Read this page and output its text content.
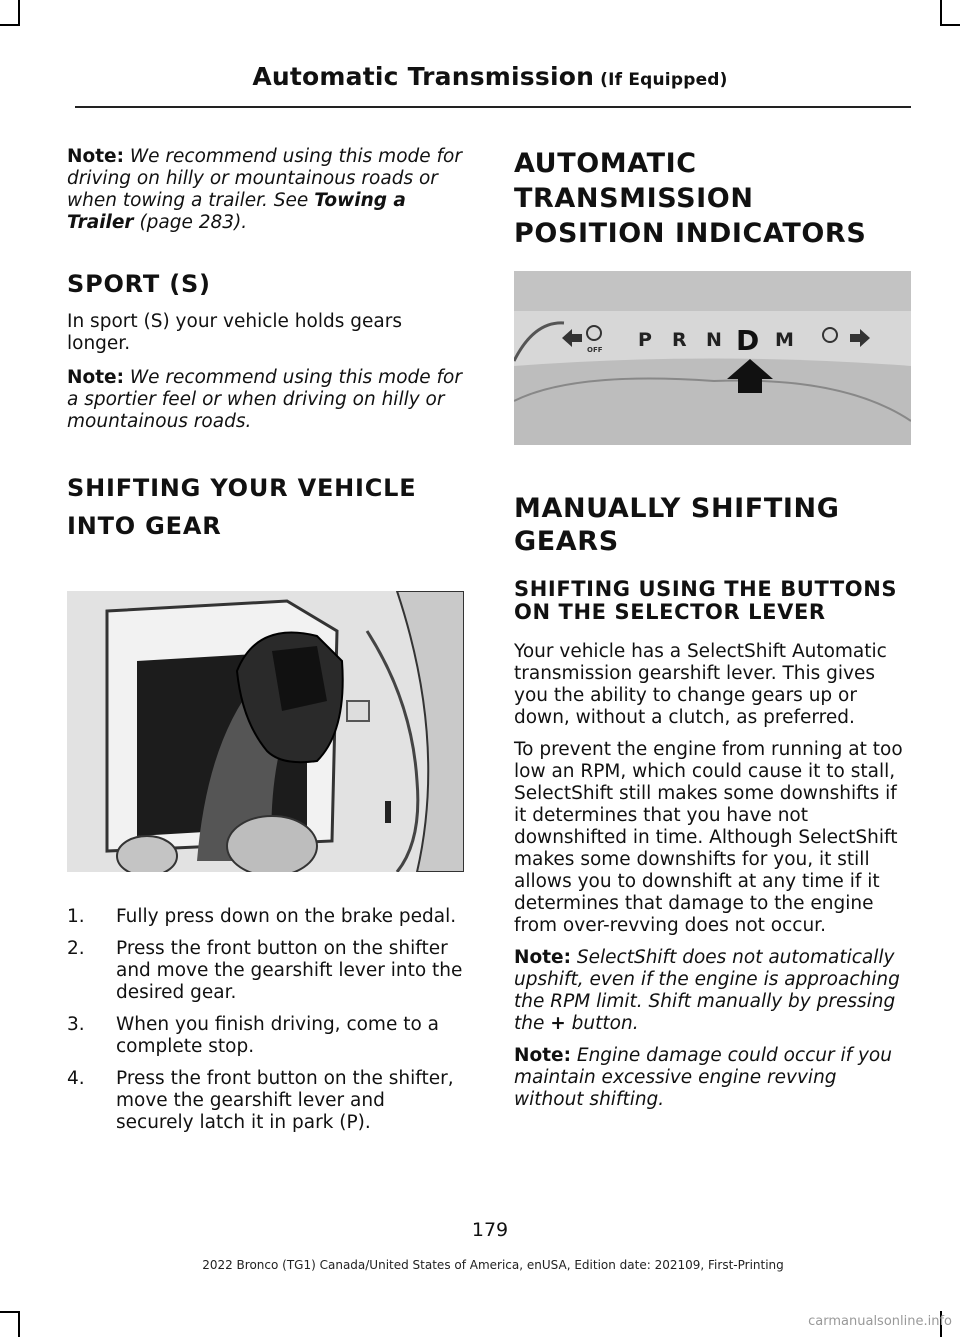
Automatic Transmission (If Equipped)

Note: We recommend using this mode for driving on hilly or mountainous roads or when towing a trailer. See Towing a Trailer (page 283).

SPORT (S)

In sport (S) your vehicle holds gears longer.

Note: We recommend using this mode for a sportier feel or when driving on hilly or mountainous roads.

SHIFTING YOUR VEHICLE INTO GEAR

1. Fully press down on the brake pedal.
2. Press the front button on the shifter and move the gearshift lever into the desired gear.
3. When you finish driving, come to a complete stop.
4. Press the front button on the shifter, move the gearshift lever and securely latch it in park (P).

AUTOMATIC TRANSMISSION POSITION INDICATORS

OFF P R N D M

MANUALLY SHIFTING GEARS

SHIFTING USING THE BUTTONS ON THE SELECTOR LEVER

Your vehicle has a SelectShift Automatic transmission gearshift lever. This gives you the ability to change gears up or down, without a clutch, as preferred.

To prevent the engine from running at too low an RPM, which could cause it to stall, SelectShift still makes some downshifts if it determines that you have not downshifted in time. Although SelectShift makes some downshifts for you, it still allows you to downshift at any time if it determines that damage to the engine from over-revving does not occur.

Note: SelectShift does not automatically upshift, even if the engine is approaching the RPM limit. Shift manually by pressing the + button.

Note: Engine damage could occur if you maintain excessive engine revving without shifting.

179
2022 Bronco (TG1) Canada/United States of America, enUSA, Edition date: 202109, First-Printing
carmanualsonline.info
